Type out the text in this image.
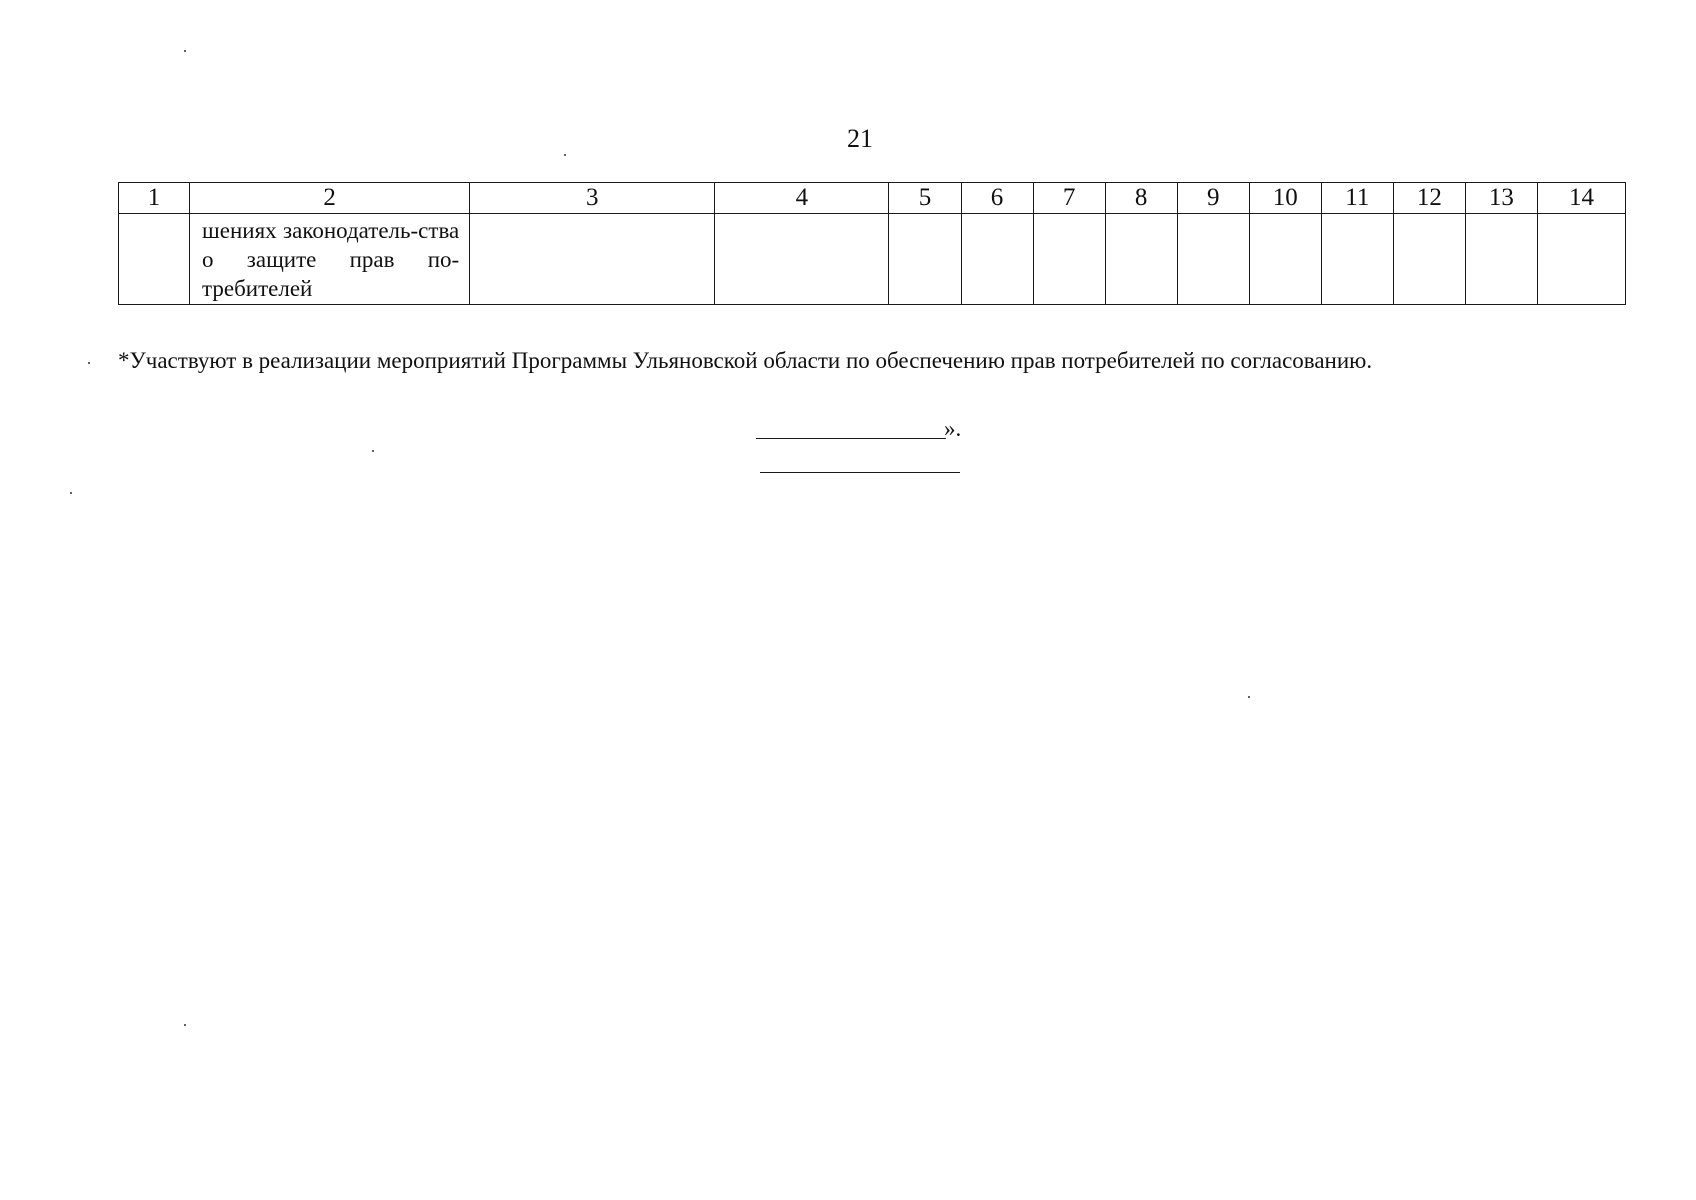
21
1	2	3	4	5	6	7	8	9	10	11	12	13	14

	шениях законодатель-ства о защите прав по-требителей												

*Участвуют в реализации мероприятий Программы Ульяновской области по обеспечению прав потребителей по согласованию.
».
